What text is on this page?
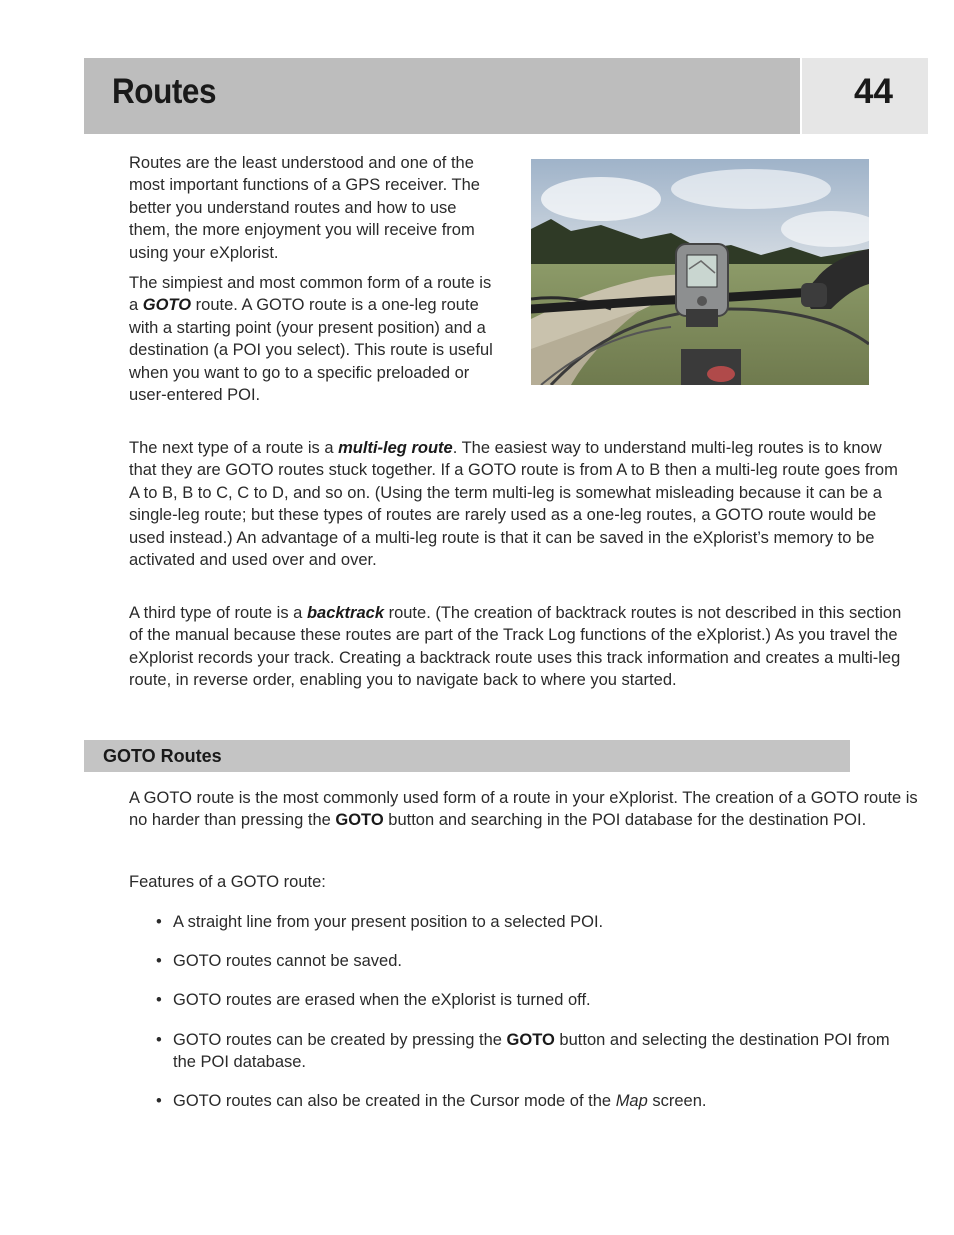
Routes	44

Routes are the least understood and one of the most important functions of a GPS receiver. The better you understand routes and how to use them, the more enjoyment you will receive from using your eXplorist.

The simpiest and most common form of a route is a GOTO route. A GOTO route is a one-leg route with a starting point (your present position) and a destination (a POI you select). This route is useful when you want to go to a specific preloaded or user-entered POI.

The next type of a route is a multi-leg route. The easiest way to understand multi-leg routes is to know that they are GOTO routes stuck together. If a GOTO route is from A to B then a multi-leg route goes from A to B, B to C, C to D, and so on. (Using the term multi-leg is somewhat misleading because it can be a single-leg route; but these types of routes are rarely used as a one-leg routes, a GOTO route would be used instead.) An advantage of a multi-leg route is that it can be saved in the eXplorist’s memory to be activated and used over and over.

A third type of route is a backtrack route. (The creation of backtrack routes is not described in this section of the manual because these routes are part of the Track Log functions of the eXplorist.) As you travel the eXplorist records your track. Creating a backtrack route uses this track information and creates a multi-leg route, in reverse order, enabling you to navigate back to where you started.

GOTO Routes

A GOTO route is the most commonly used form of a route in your eXplorist. The creation of a GOTO route is no harder than pressing the GOTO button and searching in the POI database for the destination POI.

Features of a GOTO route:

• A straight line from your present position to a selected POI.
• GOTO routes cannot be saved.
• GOTO routes are erased when the eXplorist is turned off.
• GOTO routes can be created by pressing the GOTO button and selecting the destination POI from the POI database.
• GOTO routes can also be created in the Cursor mode of the Map screen.
